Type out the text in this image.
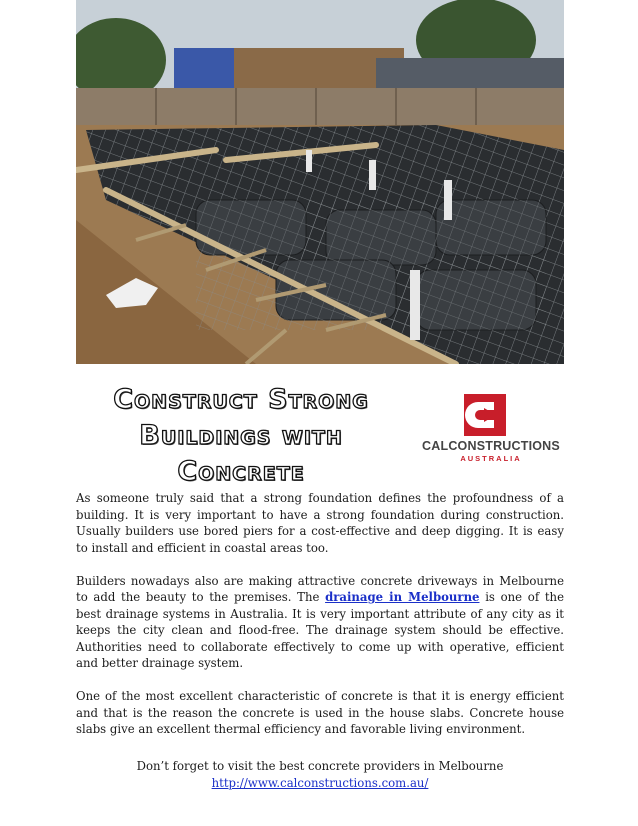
Construct Strong
Buildings with
Concrete
CALCONSTRUCTIONS
AUSTRALIA

As someone truly said that a strong foundation defines the profoundness of a building. It is very important to have a strong foundation during construction. Usually builders use bored piers for a cost-effective and deep digging. It is easy to install and efficient in coastal areas too.

Builders nowadays also are making attractive concrete driveways in Melbourne to add the beauty to the premises. The drainage in Melbourne is one of the best drainage systems in Australia. It is very important attribute of any city as it keeps the city clean and flood-free. The drainage system should be effective. Authorities need to collaborate effectively to come up with operative, efficient and better drainage system.

One of the most excellent characteristic of concrete is that it is energy efficient and that is the reason the concrete is used in the house slabs. Concrete house slabs give an excellent thermal efficiency and favorable living environment.

Don’t forget to visit the best concrete providers in Melbourne
http://www.calconstructions.com.au/
